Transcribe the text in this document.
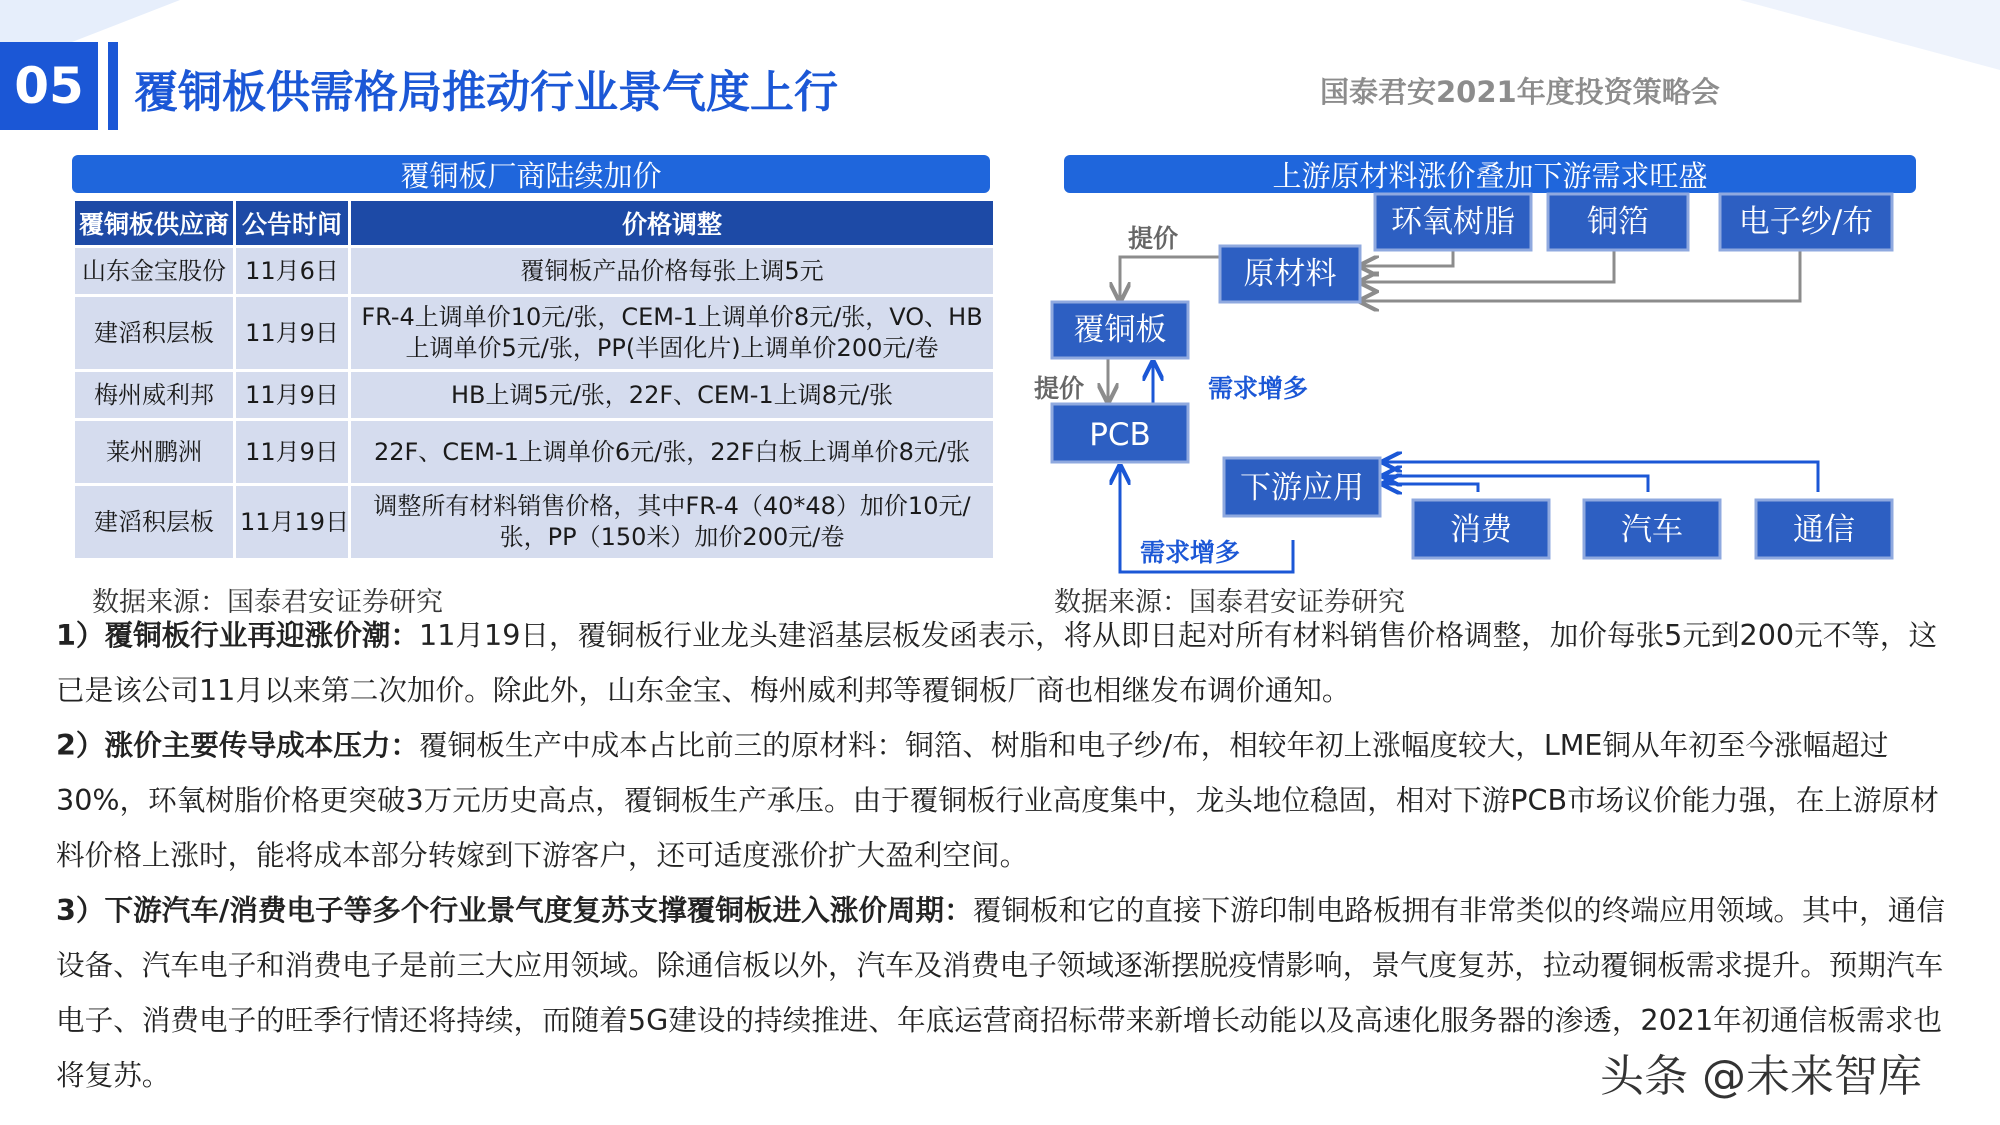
05	覆铜板供需格局推动行业景气度上行	国泰君安2021年度投资策略会
覆铜板厂商陆续加价
覆铜板供应商	公告时间	价格调整
山东金宝股份	11月6日	覆铜板产品价格每张上调5元
建滔积层板	11月9日	FR-4上调单价10元/张，CEM-1上调单价8元/张，VO、HB上调单价5元/张，PP(半固化片)上调单价200元/卷
梅州威利邦	11月9日	HB上调5元/张，22F、CEM-1上调8元/张
莱州鹏洲	11月9日	22F、CEM-1上调单价6元/张，22F白板上调单价8元/张
建滔积层板	11月19日	调整所有材料销售价格，其中FR-4（40*48）加价10元/张，PP（150米）加价200元/卷
数据来源：国泰君安证券研究
上游原材料涨价叠加下游需求旺盛
环氧树脂 铜箔	电子纱/布
原材料
覆铜板
PCB
下游应用
消费	汽车	通信
提价
提价	需求增多
需求增多
数据来源：国泰君安证券研究
1）覆铜板行业再迎涨价潮：11月19日，覆铜板行业龙头建滔基层板发函表示，将从即日起对所有材料销售价格调整，加价每张5元到200元不等，这已是该公司11月以来第二次加价。除此外，山东金宝、梅州威利邦等覆铜板厂商也相继发布调价通知。
2）涨价主要传导成本压力：覆铜板生产中成本占比前三的原材料：铜箔、树脂和电子纱/布，相较年初上涨幅度较大，LME铜从年初至今涨幅超过30%，环氧树脂价格更突破3万元历史高点，覆铜板生产承压。由于覆铜板行业高度集中，龙头地位稳固，相对下游PCB市场议价能力强，在上游原材料价格上涨时，能将成本部分转嫁到下游客户，还可适度涨价扩大盈利空间。
3）下游汽车/消费电子等多个行业景气度复苏支撑覆铜板进入涨价周期：覆铜板和它的直接下游印制电路板拥有非常类似的终端应用领域。其中，通信设备、汽车电子和消费电子是前三大应用领域。除通信板以外，汽车及消费电子领域逐渐摆脱疫情影响，景气度复苏，拉动覆铜板需求提升。预期汽车电子、消费电子的旺季行情还将持续，而随着5G建设的持续推进、年底运营商招标带来新增长动能以及高速化服务器的渗透，2021年初通信板需求也将复苏。	头条 @未来智库
